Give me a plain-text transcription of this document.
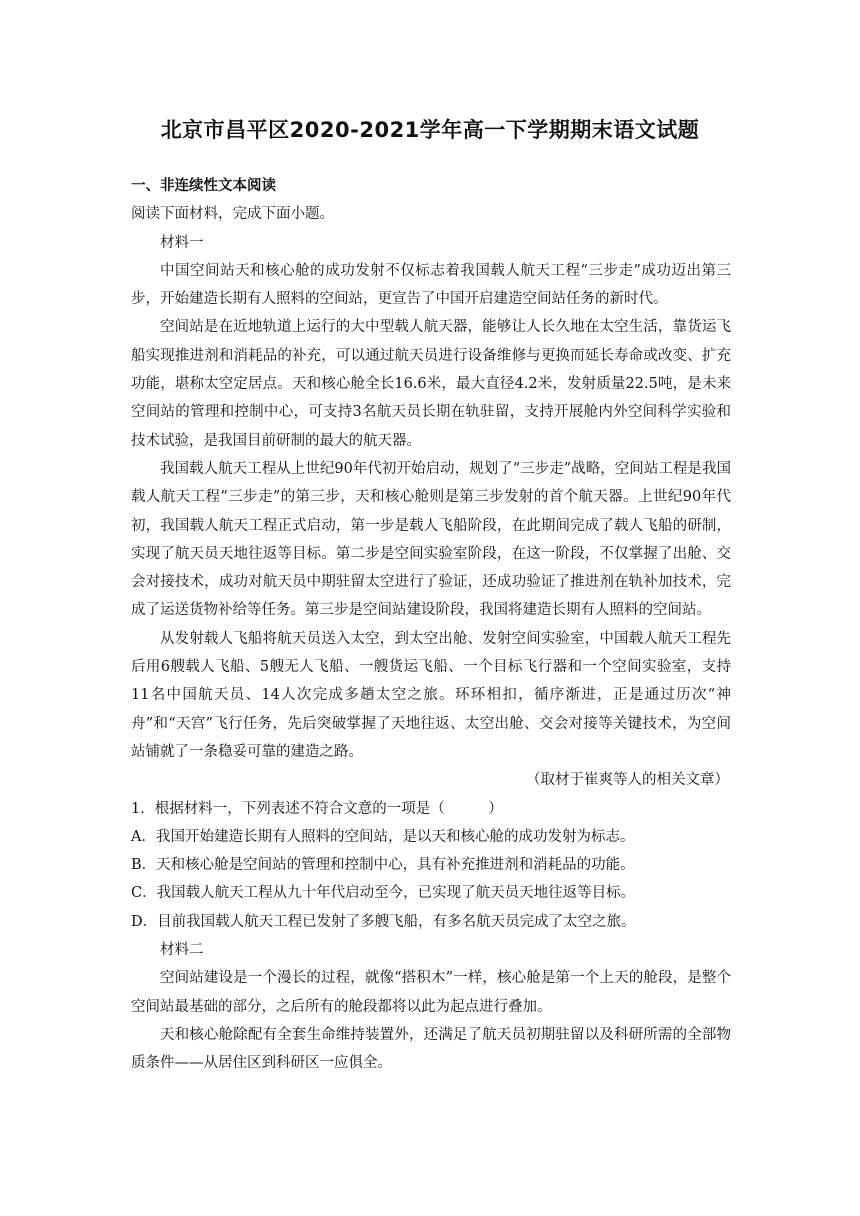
北京市昌平区2020-2021学年高一下学期期末语文试题

一、非连续性文本阅读

阅读下面材料，完成下面小题。

材料一

中国空间站天和核心舱的成功发射不仅标志着我国载人航天工程“三步走”成功迈出第三步，开始建造长期有人照料的空间站，更宣告了中国开启建造空间站任务的新时代。

空间站是在近地轨道上运行的大中型载人航天器，能够让人长久地在太空生活，靠货运飞船实现推进剂和消耗品的补充，可以通过航天员进行设备维修与更换而延长寿命或改变、扩充功能，堪称太空定居点。天和核心舱全长16.6米，最大直径4.2米，发射质量22.5吨，是未来空间站的管理和控制中心，可支持3名航天员长期在轨驻留，支持开展舱内外空间科学实验和技术试验，是我国目前研制的最大的航天器。

我国载人航天工程从上世纪90年代初开始启动，规划了“三步走”战略，空间站工程是我国载人航天工程“三步走”的第三步，天和核心舱则是第三步发射的首个航天器。上世纪90年代初，我国载人航天工程正式启动，第一步是载人飞船阶段，在此期间完成了载人飞船的研制，实现了航天员天地往返等目标。第二步是空间实验室阶段，在这一阶段，不仅掌握了出舱、交会对接技术，成功对航天员中期驻留太空进行了验证，还成功验证了推进剂在轨补加技术，完成了运送货物补给等任务。第三步是空间站建设阶段，我国将建造长期有人照料的空间站。

从发射载人飞船将航天员送入太空，到太空出舱、发射空间实验室，中国载人航天工程先后用6艘载人飞船、5艘无人飞船、一艘货运飞船、一个目标飞行器和一个空间实验室，支持11名中国航天员、14人次完成多趟太空之旅。环环相扣，循序渐进，正是通过历次“神舟”和“天宫”飞行任务，先后突破掌握了天地往返、太空出舱、交会对接等关键技术，为空间站铺就了一条稳妥可靠的建造之路。

（取材于崔爽等人的相关文章）

1．根据材料一，下列表述不符合文意的一项是（　　　）

A．我国开始建造长期有人照料的空间站，是以天和核心舱的成功发射为标志。

B．天和核心舱是空间站的管理和控制中心，具有补充推进剂和消耗品的功能。

C．我国载人航天工程从九十年代启动至今，已实现了航天员天地往返等目标。

D．目前我国载人航天工程已发射了多艘飞船，有多名航天员完成了太空之旅。

材料二

空间站建设是一个漫长的过程，就像“搭积木”一样，核心舱是第一个上天的舱段，是整个空间站最基础的部分，之后所有的舱段都将以此为起点进行叠加。

天和核心舱除配有全套生命维持装置外，还满足了航天员初期驻留以及科研所需的全部物质条件——从居住区到科研区一应俱全。
